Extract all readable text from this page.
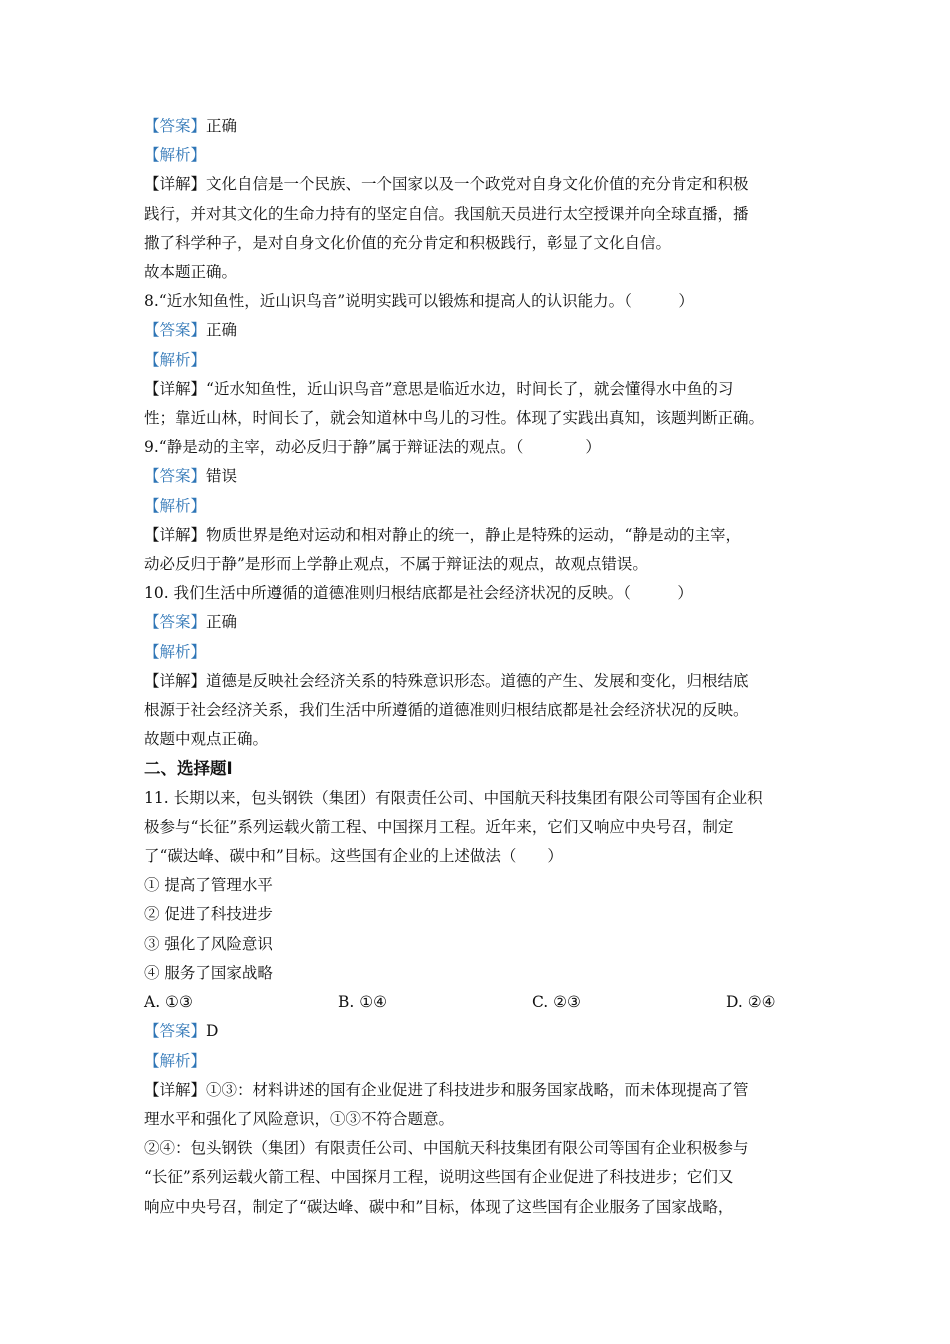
【答案】正确
【解析】
【详解】文化自信是一个民族、一个国家以及一个政党对自身文化价值的充分肯定和积极
践行，并对其文化的生命力持有的坚定自信。我国航天员进行太空授课并向全球直播，播
撒了科学种子，是对自身文化价值的充分肯定和积极践行，彰显了文化自信。
故本题正确。
8.“近水知鱼性，近山识鸟音”说明实践可以锻炼和提高人的认识能力。（　　　）
【答案】正确
【解析】
【详解】“近水知鱼性，近山识鸟音”意思是临近水边，时间长了，就会懂得水中鱼的习
性；靠近山林，时间长了，就会知道林中鸟儿的习性。体现了实践出真知，该题判断正确。
9.“静是动的主宰，动必反归于静”属于辩证法的观点。（　　　　）
【答案】错误
【解析】
【详解】物质世界是绝对运动和相对静止的统一，静止是特殊的运动，“静是动的主宰，
动必反归于静”是形而上学静止观点，不属于辩证法的观点，故观点错误。
10. 我们生活中所遵循的道德准则归根结底都是社会经济状况的反映。（　　　）
【答案】正确
【解析】
【详解】道德是反映社会经济关系的特殊意识形态。道德的产生、发展和变化，归根结底
根源于社会经济关系，我们生活中所遵循的道德准则归根结底都是社会经济状况的反映。
故题中观点正确。
二、选择题Ⅰ
11. 长期以来，包头钢铁（集团）有限责任公司、中国航天科技集团有限公司等国有企业积
极参与“长征”系列运载火箭工程、中国探月工程。近年来，它们又响应中央号召，制定
了“碳达峰、碳中和”目标。这些国有企业的上述做法（　　）
① 提高了管理水平
② 促进了科技进步
③ 强化了风险意识
④ 服务了国家战略
A. ①③	B. ①④	C. ②③	D. ②④
【答案】D
【解析】
【详解】①③：材料讲述的国有企业促进了科技进步和服务国家战略，而未体现提高了管
理水平和强化了风险意识，①③不符合题意。
②④：包头钢铁（集团）有限责任公司、中国航天科技集团有限公司等国有企业积极参与
“长征”系列运载火箭工程、中国探月工程，说明这些国有企业促进了科技进步；它们又
响应中央号召，制定了“碳达峰、碳中和”目标，体现了这些国有企业服务了国家战略，
